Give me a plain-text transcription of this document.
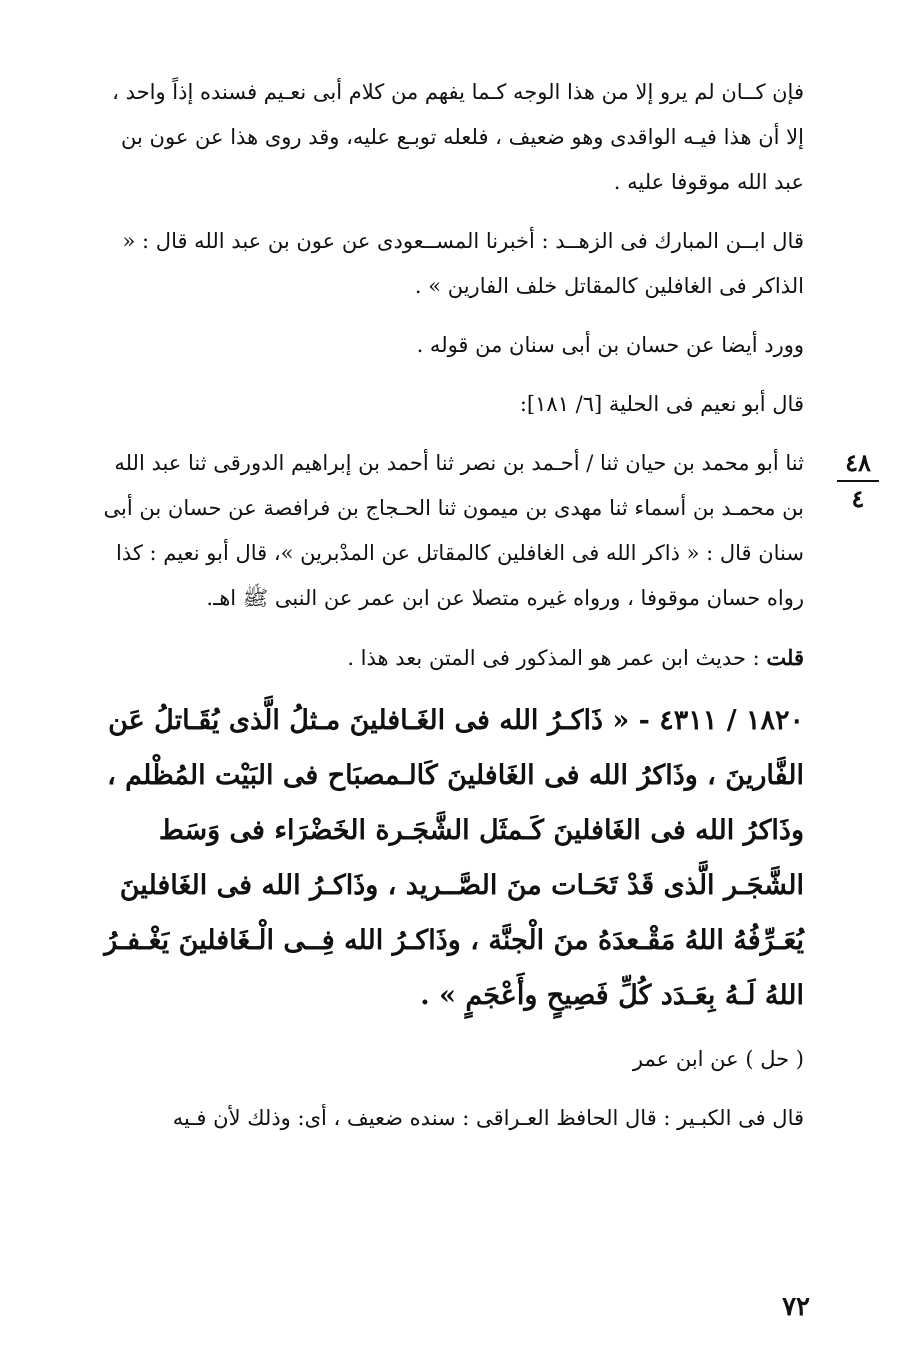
فإن كــان لم يرو إلا من هذا الوجه كـما يفهم من كلام أبى نعـيم فسنده إذاً واحد ، إلا أن هذا فيـه الواقدى وهو ضعيف ، فلعله توبـع عليه، وقد روى هذا عن عون بن عبد الله موقوفا عليه .

قال ابــن المبارك فى الزهــد : أخبرنا المســعودى عن عون بن عبد الله قال : « الذاكر فى الغافلين كالمقاتل خلف الفارين » .

وورد أيضا عن حسان بن أبى سنان من قوله .

قال أبو نعيم فى الحلية [٦/ ١٨١]:

ثنا أبو محمد بن حيان ثنا / أحـمد بن نصر ثنا أحمد بن إبراهيم الدورقى ثنا عبد الله بن محمـد بن أسماء ثنا مهدى بن ميمون ثنا الحـجاج بن فرافصة عن حسان بن أبى سنان قال : « ذاكر الله فى الغافلين كالمقاتل عن المدْبرين »، قال أبو نعيم : كذا رواه حسان موقوفا ، ورواه غيره متصلا عن ابن عمر عن النبى ﷺ اهـ.

قلت : حديث ابن عمر هو المذكور فى المتن بعد هذا .

١٨٢٠ / ٤٣١١ - « ذَاكـرُ الله فى الغَـافلينَ مـثلُ الَّذى يُقَـاتلُ عَن الفَّارينَ ، وذَاكرُ الله فى الغَافلينَ كَالـمصبَاح فى البَيْت المُظْلم ، وذَاكرُ الله فى الغَافلينَ كَـمثَل الشَّجَـرة الخَضْرَاء فى وَسَط الشَّجَـر الَّذى قَدْ تَحَـات منَ الصَّــريد ، وذَاكـرُ الله فى الغَافلينَ يُعَـرِّفُهُ اللهُ مَقْـعدَهُ منَ الْجنَّة ، وذَاكـرُ الله فِــى الْـغَافلينَ يَغْـفـرُ اللهُ لَـهُ بِعَـدَد كُلِّ فَصِيحٍ وأَعْجَمٍ » .

( حل ) عن ابن عمر

قال فى الكبـير : قال الحافظ العـراقى : سنده ضعيف ، أى: وذلك لأن فـيه

٤٨
٤
٧٢
